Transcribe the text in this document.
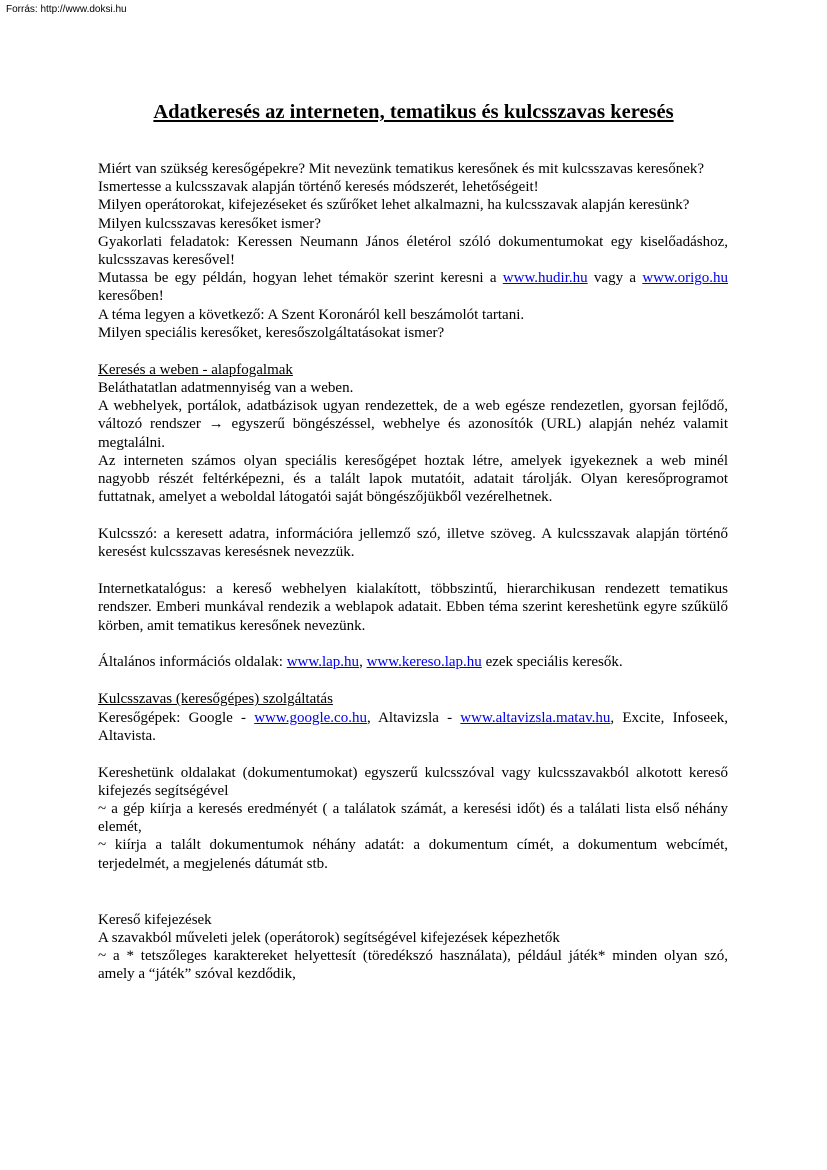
Forrás: http://www.doksi.hu
Adatkeresés az interneten, tematikus és kulcsszavas keresés

Miért van szükség keresőgépekre? Mit nevezünk tematikus keresőnek és mit kulcsszavas keresőnek?

Ismertesse a kulcsszavak alapján történő keresés módszerét, lehetőségeit!

Milyen operátorokat, kifejezéseket és szűrőket lehet alkalmazni, ha kulcsszavak alapján keresünk?

Milyen kulcsszavas keresőket ismer?

Gyakorlati feladatok: Keressen Neumann János életérol szóló dokumentumokat egy kiselőadáshoz, kulcsszavas keresővel!

Mutassa be egy példán, hogyan lehet témakör szerint keresni a www.hudir.hu vagy a www.origo.hu keresőben!

A téma legyen a következő: A Szent Koronáról kell beszámolót tartani.

Milyen speciális keresőket, keresőszolgáltatásokat ismer?

Keresés a weben - alapfogalmak

Beláthatatlan adatmennyiség van a weben.

A webhelyek, portálok, adatbázisok ugyan rendezettek, de a web egésze rendezetlen, gyorsan fejlődő, változó rendszer → egyszerű böngészéssel, webhelye és azonosítók (URL) alapján nehéz valamit megtalálni.

Az interneten számos olyan speciális keresőgépet hoztak létre, amelyek igyekeznek a web minél nagyobb részét feltérképezni, és a talált lapok mutatóit, adatait tárolják. Olyan keresőprogramot futtatnak, amelyet a weboldal látogatói saját böngészőjükből vezérelhetnek.

Kulcsszó: a keresett adatra, információra jellemző szó, illetve szöveg. A kulcsszavak alapján történő keresést kulcsszavas keresésnek nevezzük.

Internetkatalógus: a kereső webhelyen kialakított, többszintű, hierarchikusan rendezett tematikus rendszer. Emberi munkával rendezik a weblapok adatait. Ebben téma szerint kereshetünk egyre szűkülő körben, amit tematikus keresőnek nevezünk.

Általános információs oldalak: www.lap.hu, www.kereso.lap.hu ezek speciális keresők.

Kulcsszavas (keresőgépes) szolgáltatás

Keresőgépek: Google - www.google.co.hu, Altavizsla - www.altavizsla.matav.hu, Excite, Infoseek, Altavista.

Kereshetünk oldalakat (dokumentumokat) egyszerű kulcsszóval vagy kulcsszavakból alkotott kereső kifejezés segítségével

~ a gép kiírja a keresés eredményét ( a találatok számát, a keresési időt) és a találati lista első néhány elemét,

~ kiírja a talált dokumentumok néhány adatát: a dokumentum címét, a dokumentum webcímét, terjedelmét, a megjelenés dátumát stb.

Kereső kifejezések

A szavakból műveleti jelek (operátorok) segítségével kifejezések képezhetők

~ a * tetszőleges karaktereket helyettesít (töredékszó használata), például játék* minden olyan szó, amely a “játék” szóval kezdődik,
